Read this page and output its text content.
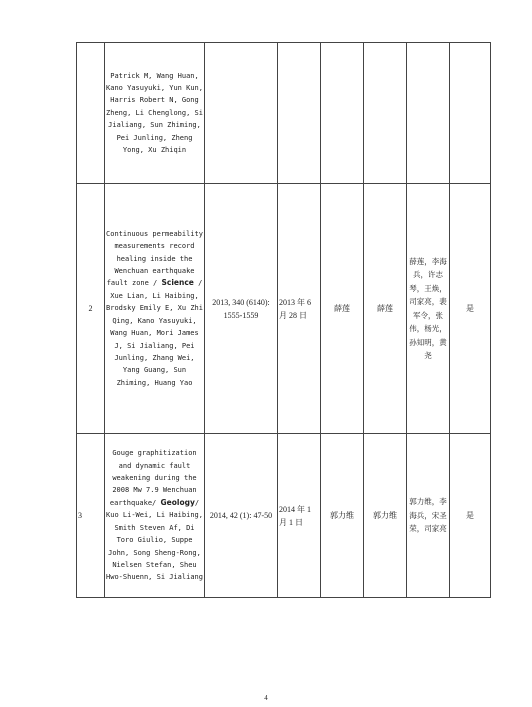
	Patrick M, Wang Huan, Kano Yasuyuki, Yun Kun, Harris Robert N, Gong Zheng, Li Chenglong, Si Jialiang, Sun Zhiming, Pei Junling, Zheng Yong, Xu Zhiqin						
2	Continuous permeability measurements record healing inside the Wenchuan earthquake fault zone / Science / Xue Lian, Li Haibing, Brodsky Emily E, Xu Zhi Qing, Kano Yasuyuki, Wang Huan, Mori James J, Si Jialiang, Pei Junling, Zhang Wei, Yang Guang, Sun Zhiming, Huang Yao	2013, 340 (6140): 1555-1559	2013 年 6 月 28 日	薛莲	薛莲	薛莲，李海兵，许志琴，王焕，司家亮，裴军令，张伟，杨光，孙知明，黄尧	是
3	Gouge graphitization and dynamic fault weakening during the 2008 Mw 7.9 Wenchuan earthquake/ Geology/ Kuo Li-Wei, Li Haibing, Smith Steven Af, Di Toro Giulio, Suppe John, Song Sheng-Rong, Nielsen Stefan, Sheu Hwo-Shuenn, Si Jialiang	2014, 42 (1): 47-50	2014 年 1 月 1 日	郭力维	郭力维	郭力维，李海兵，宋圣荣，司家亮	是
4
